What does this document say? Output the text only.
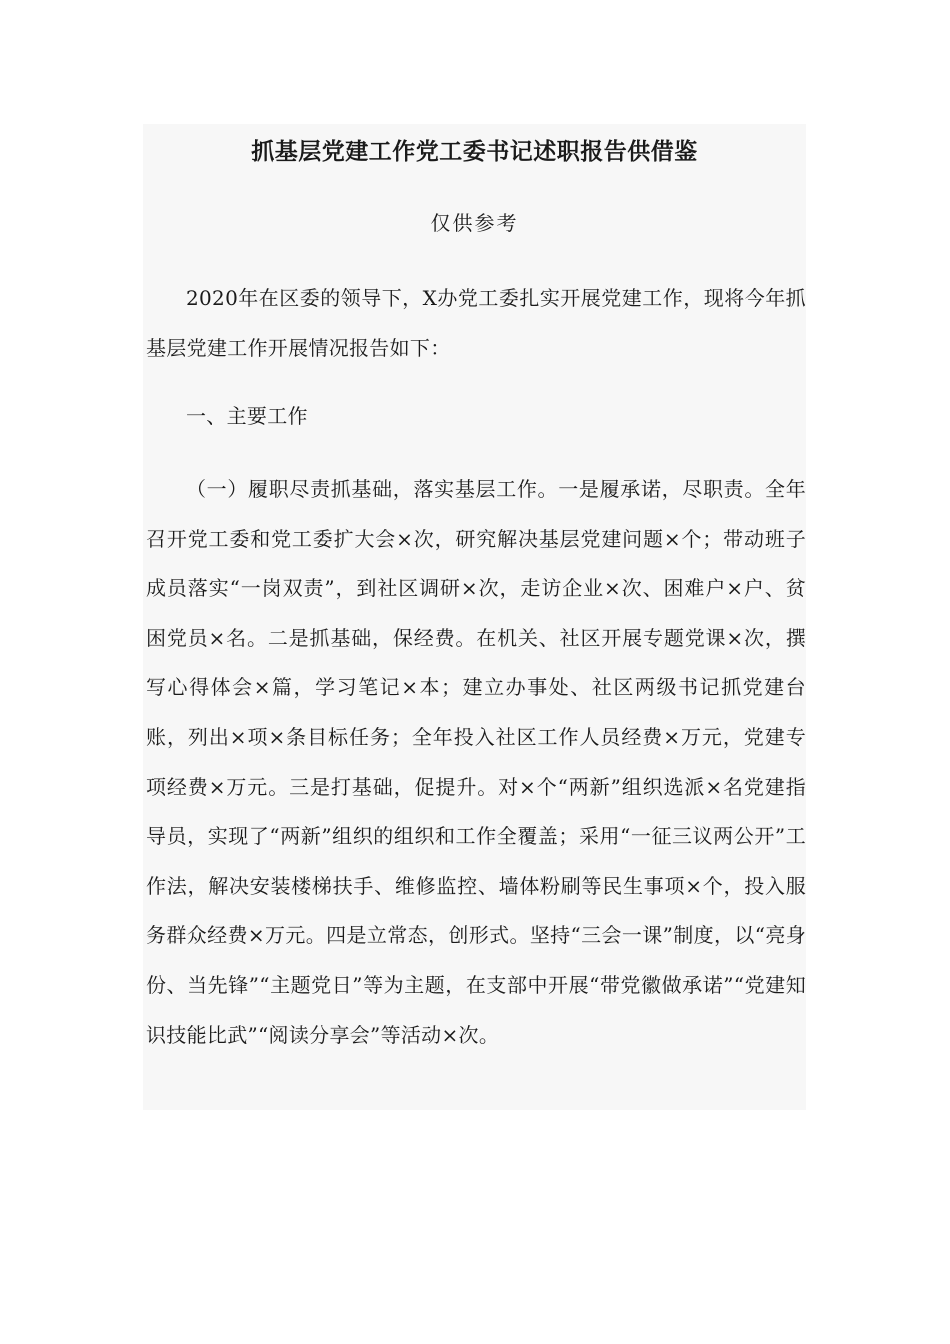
抓基层党建工作党工委书记述职报告供借鉴

仅供参考

2020年在区委的领导下，X办党工委扎实开展党建工作，现将今年抓基层党建工作开展情况报告如下：

一、主要工作

（一）履职尽责抓基础，落实基层工作。一是履承诺，尽职责。全年召开党工委和党工委扩大会×次，研究解决基层党建问题×个；带动班子成员落实“一岗双责”，到社区调研×次，走访企业×次、困难户×户、贫困党员×名。二是抓基础，保经费。在机关、社区开展专题党课×次，撰写心得体会×篇，学习笔记×本；建立办事处、社区两级书记抓党建台账，列出×项×条目标任务；全年投入社区工作人员经费×万元，党建专项经费×万元。三是打基础，促提升。对×个“两新”组织选派×名党建指导员，实现了“两新”组织的组织和工作全覆盖；采用“一征三议两公开”工作法，解决安装楼梯扶手、维修监控、墙体粉刷等民生事项×个，投入服务群众经费×万元。四是立常态，创形式。坚持“三会一课”制度，以“亮身份、当先锋”“主题党日”等为主题，在支部中开展“带党徽做承诺”“党建知识技能比武”“阅读分享会”等活动×次。
